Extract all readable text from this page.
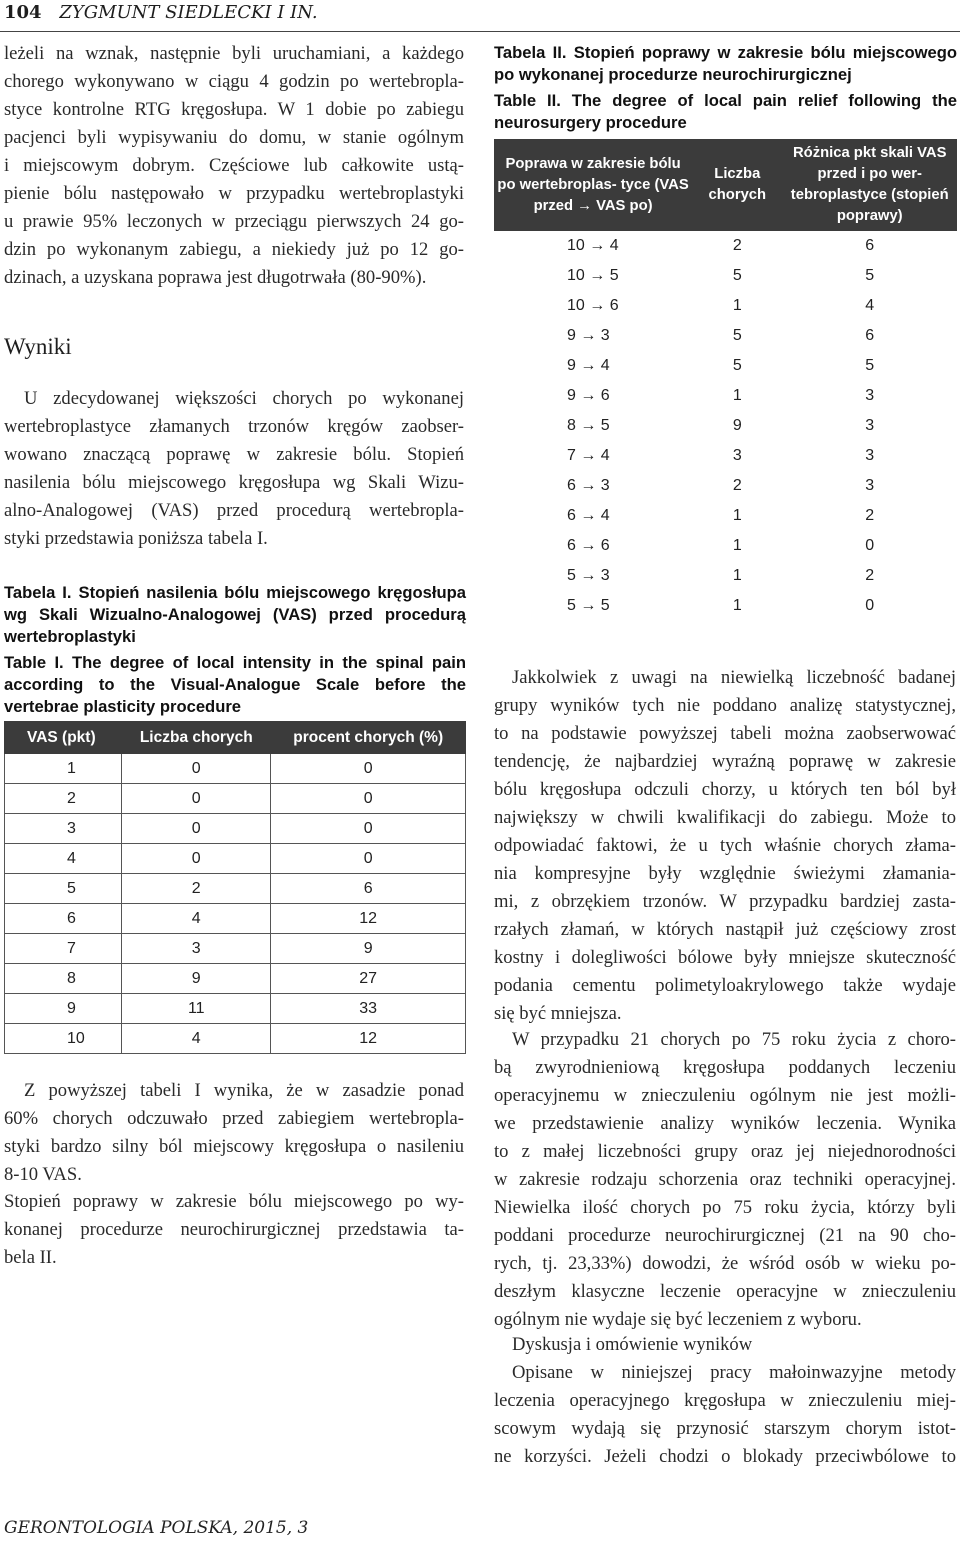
104 ZYGMUNT SIEDLECKI I IN.
leżeli na wznak, następnie byli uruchamiani, a każdego
chorego wykonywano w ciągu 4 godzin po wertebropla-
styce kontrolne RTG kręgosłupa. W 1 dobie po zabiegu
pacjenci byli wypisywaniu do domu, w stanie ogólnym
i miejscowym dobrym. Częściowe lub całkowite ustą-
pienie bólu następowało w przypadku wertebroplastyki
u prawie 95% leczonych w przeciągu pierwszych 24 go-
dzin po wykonanym zabiegu, a niekiedy już po 12 go-
dzinach, a uzyskana poprawa jest długotrwała (80-90%).
Wyniki
U zdecydowanej większości chorych po wykonanej
wertebroplastyce złamanych trzonów kręgów zaobser-
wowano znaczącą poprawę w zakresie bólu. Stopień
nasilenia bólu miejscowego kręgosłupa wg Skali Wizu-
alno-Analogowej (VAS) przed procedurą wertebropla-
styki przedstawia poniższa tabela I.
Tabela I. Stopień nasilenia bólu miejscowego kręgosłupa wg Skali Wizualno-Analogowej (VAS) przed procedurą wertebroplastyki
Table I. The degree of local intensity in the spinal pain according to the Visual-Analogue Scale before the vertebrae plasticity procedure
VAS (pkt)	Liczba chorych	procent chorych (%)
1	0	0
2	0	0
3	0	0
4	0	0
5	2	6
6	4	12
7	3	9
8	9	27
9	11	33
10	4	12
Z powyższej tabeli I wynika, że w zasadzie ponad
60% chorych odczuwało przed zabiegiem wertebropla-
styki bardzo silny ból miejscowy kręgosłupa o nasileniu
8-10 VAS.
Stopień poprawy w zakresie bólu miejscowego po wy-
konanej procedurze neurochirurgicznej przedstawia ta-
bela II.
Tabela II. Stopień poprawy w zakresie bólu miejscowego po wykonanej procedurze neurochirurgicznej
Table II. The degree of local pain relief following the neurosurgery procedure
Poprawa w zakresie bólu po wertebroplas- tyce (VAS przed → VAS po)	Liczba chorych	Różnica pkt skali VAS przed i po wer- tebroplastyce (stopień poprawy)
10 → 4	2	6
10 → 5	5	5
10 → 6	1	4
9 → 3	5	6
9 → 4	5	5
9 → 6	1	3
8 → 5	9	3
7 → 4	3	3
6 → 3	2	3
6 → 4	1	2
6 → 6	1	0
5 → 3	1	2
5 → 5	1	0
Jakkolwiek z uwagi na niewielką liczebność badanej
grupy wyników tych nie poddano analizę statystycznej,
to na podstawie powyższej tabeli można zaobserwować
tendencję, że najbardziej wyraźną poprawę w zakresie
bólu kręgosłupa odczuli chorzy, u których ten ból był
największy w chwili kwalifikacji do zabiegu. Może to
odpowiadać faktowi, że u tych właśnie chorych złama-
nia kompresyjne były względnie świeżymi złamania-
mi, z obrzękiem trzonów. W przypadku bardziej zasta-
rzałych złamań, w których nastąpił już częściowy zrost
kostny i dolegliwości bólowe były mniejsze skuteczność
podania cementu polimetyloakrylowego także wydaje
się być mniejsza.
W przypadku 21 chorych po 75 roku życia z choro-
bą zwyrodnieniową kręgosłupa poddanych leczeniu
operacyjnemu w znieczuleniu ogólnym nie jest możli-
we przedstawienie analizy wyników leczenia. Wynika
to z małej liczebności grupy oraz jej niejednorodności
w zakresie rodzaju schorzenia oraz techniki operacyjnej.
Niewielka ilość chorych po 75 roku życia, którzy byli
poddani procedurze neurochirurgicznej (21 na 90 cho-
rych, tj. 23,33%) dowodzi, że wśród osób w wieku po-
deszłym klasyczne leczenie operacyjne w znieczuleniu
ogólnym nie wydaje się być leczeniem z wyboru.
Dyskusja i omówienie wyników
Opisane w niniejszej pracy małoinwazyjne metody
leczenia operacyjnego kręgosłupa w znieczuleniu miej-
scowym wydają się przynosić starszym chorym istot-
ne korzyści. Jeżeli chodzi o blokady przeciwbólowe to
GERONTOLOGIA POLSKA, 2015, 3
